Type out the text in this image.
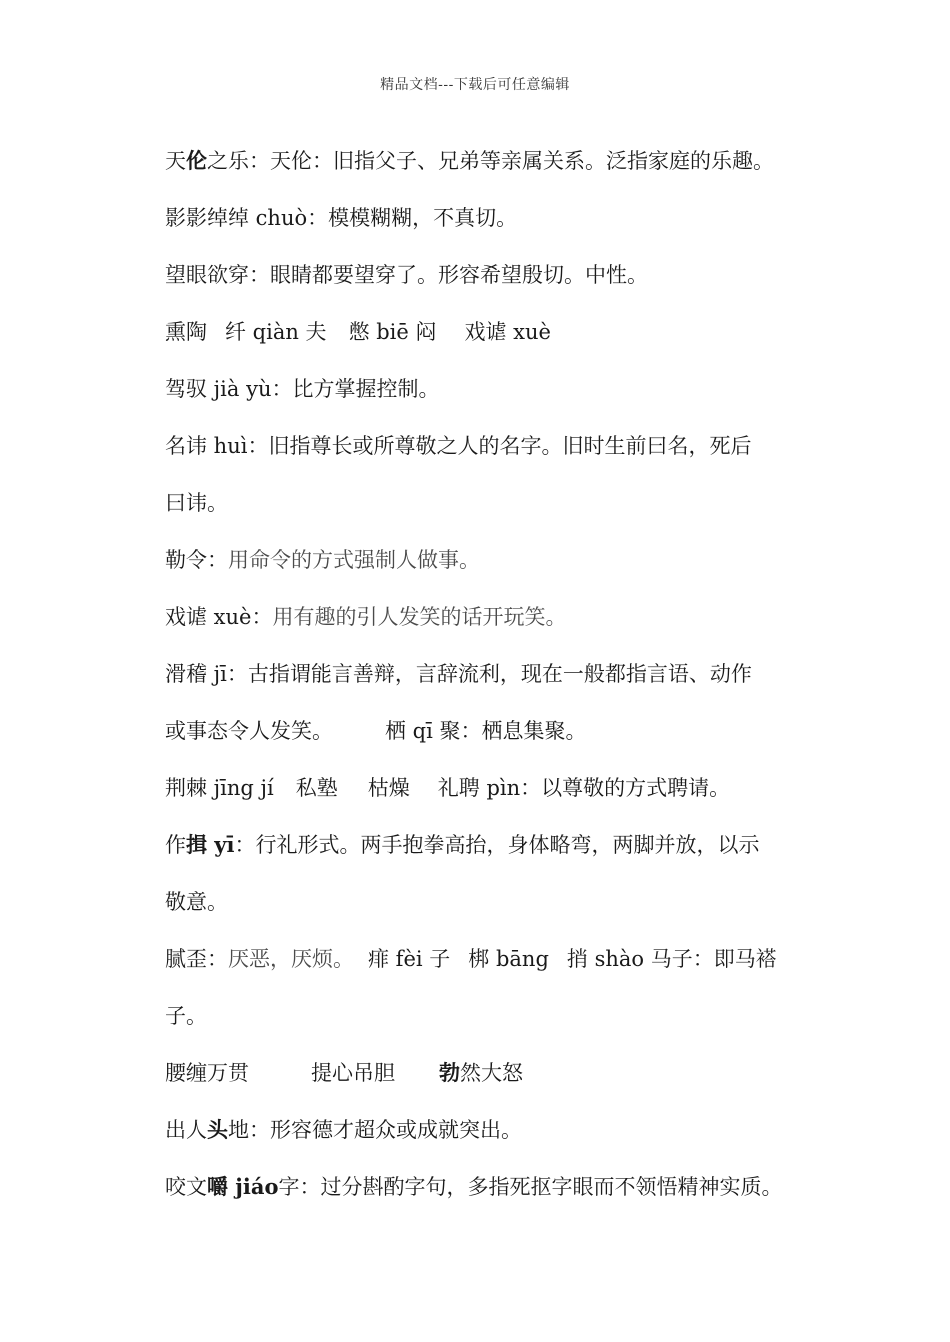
精品文档---下载后可任意编辑
天伦之乐：天伦：旧指父子、兄弟等亲属关系。泛指家庭的乐趣。
影影绰绰 chuò：模模糊糊，不真切。
望眼欲穿：眼睛都要望穿了。形容希望殷切。中性。
熏陶 纤 qiàn 夫 憋 biē 闷 戏谑 xuè
驾驭 jià yù：比方掌握控制。
名讳 huì：旧指尊长或所尊敬之人的名字。旧时生前曰名，死后
曰讳。
勒令：用命令的方式强制人做事。
戏谑 xuè：用有趣的引人发笑的话开玩笑。
滑稽 jī：古指谓能言善辩，言辞流利，现在一般都指言语、动作
或事态令人发笑。 栖 qī 聚：栖息集聚。
荆棘 jīng jí 私塾 枯燥 礼聘 pìn：以尊敬的方式聘请。
作揖 yī：行礼形式。两手抱拳高抬，身体略弯，两脚并放，以示
敬意。
腻歪：厌恶，厌烦。 痱 fèi 子 梆 bāng 捎 shào 马子：即马褡
子。
腰缠万贯	提心吊胆 勃然大怒
出人头地：形容德才超众或成就突出。
咬文嚼 jiáo字：过分斟酌字句，多指死抠字眼而不领悟精神实质。
